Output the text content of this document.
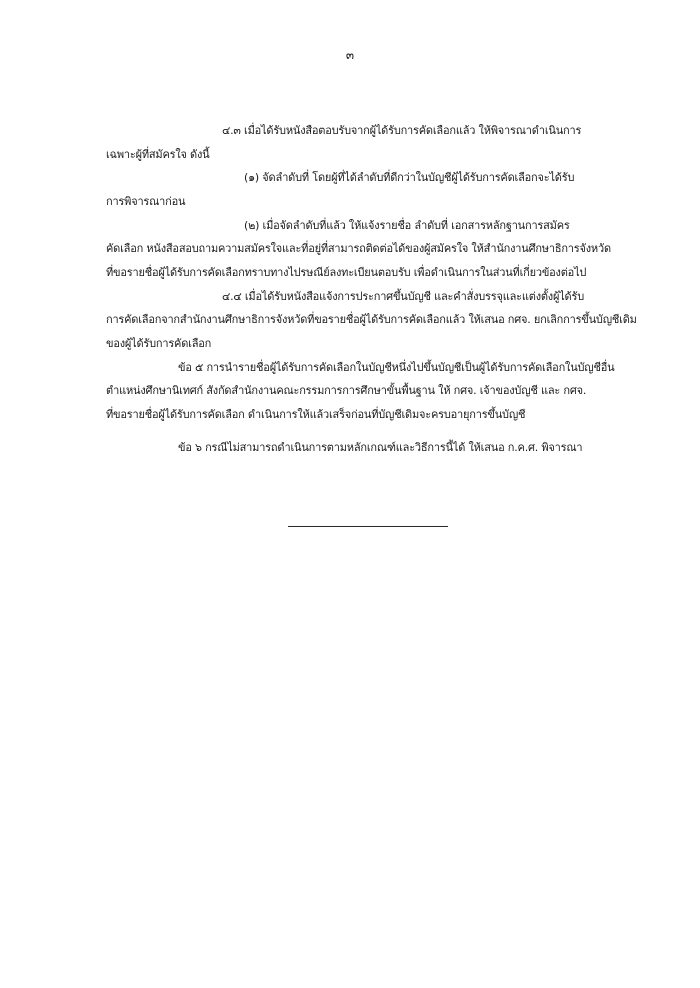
๓
๔.๓ เมื่อได้รับหนังสือตอบรับจากผู้ได้รับการคัดเลือกแล้ว ให้พิจารณาดำเนินการ
เฉพาะผู้ที่สมัครใจ ดังนี้
(๑) จัดลำดับที่ โดยผู้ที่ได้ลำดับที่ดีกว่าในบัญชีผู้ได้รับการคัดเลือกจะได้รับ
การพิจารณาก่อน
(๒) เมื่อจัดลำดับที่แล้ว ให้แจ้งรายชื่อ ลำดับที่ เอกสารหลักฐานการสมัคร
คัดเลือก หนังสือสอบถามความสมัครใจและที่อยู่ที่สามารถติดต่อได้ของผู้สมัครใจ ให้สำนักงานศึกษาธิการจังหวัด
ที่ขอรายชื่อผู้ได้รับการคัดเลือกทราบทางไปรษณีย์ลงทะเบียนตอบรับ เพื่อดำเนินการในส่วนที่เกี่ยวข้องต่อไป
๔.๔ เมื่อได้รับหนังสือแจ้งการประกาศขึ้นบัญชี และคำสั่งบรรจุและแต่งตั้งผู้ได้รับ
การคัดเลือกจากสำนักงานศึกษาธิการจังหวัดที่ขอรายชื่อผู้ได้รับการคัดเลือกแล้ว ให้เสนอ กศจ. ยกเลิกการขึ้นบัญชีเดิม
ของผู้ได้รับการคัดเลือก
ข้อ ๕ การนำรายชื่อผู้ได้รับการคัดเลือกในบัญชีหนึ่งไปขึ้นบัญชีเป็นผู้ได้รับการคัดเลือกในบัญชีอื่น
ตำแหน่งศึกษานิเทศก์ สังกัดสำนักงานคณะกรรมการการศึกษาขั้นพื้นฐาน ให้ กศจ. เจ้าของบัญชี และ กศจ.
ที่ขอรายชื่อผู้ได้รับการคัดเลือก ดำเนินการให้แล้วเสร็จก่อนที่บัญชีเดิมจะครบอายุการขึ้นบัญชี
ข้อ ๖ กรณีไม่สามารถดำเนินการตามหลักเกณฑ์และวิธีการนี้ได้ ให้เสนอ ก.ค.ศ. พิจารณา
